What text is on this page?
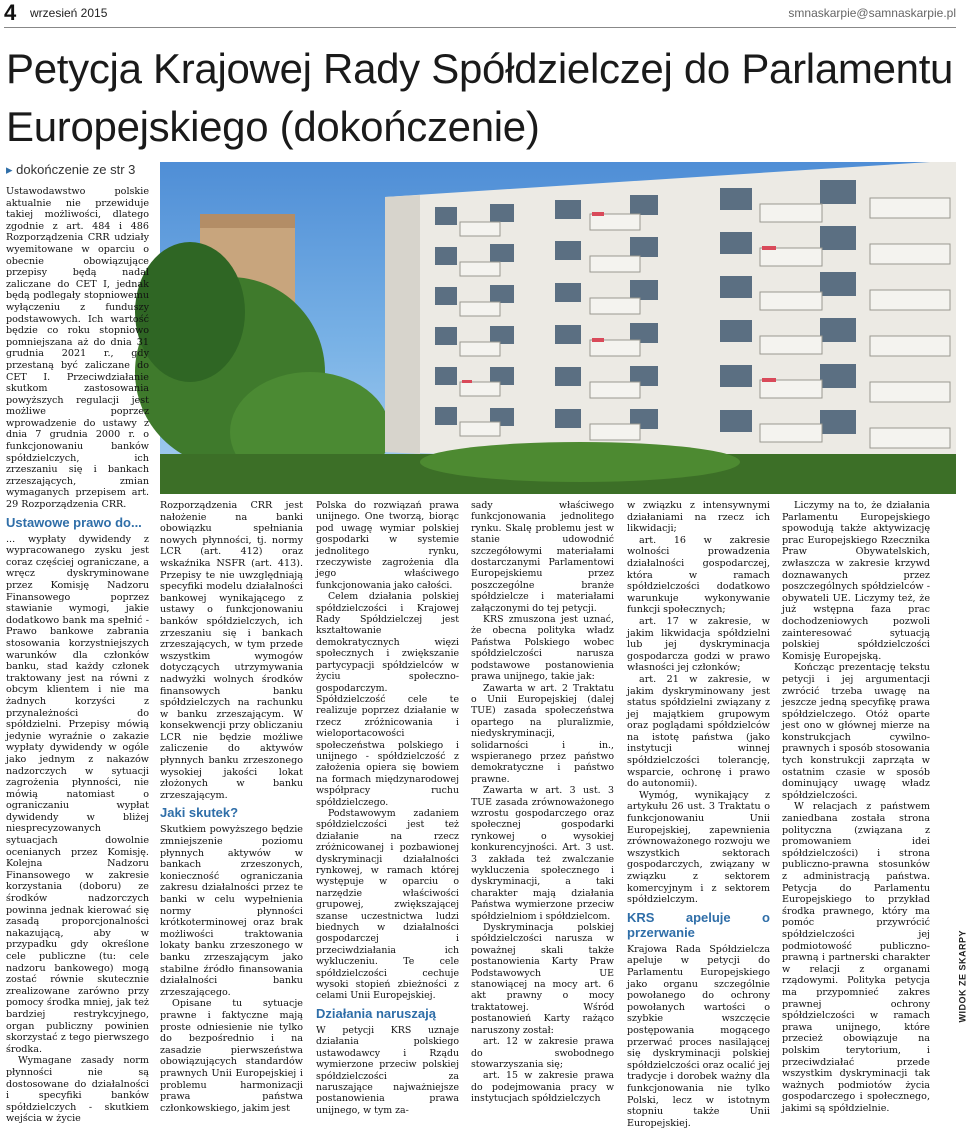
4 wrzesień 2015	smnaskarpie@samnaskarpie.pl
Petycja Krajowej Rady Spółdzielczej do Parlamentu Europejskiego (dokończenie)
▸ dokończenie ze str 3
Fot. SM „Na Skarpie”

Ustawodawstwo polskie aktualnie nie przewiduje takiej możliwości, dlatego zgodnie z art. 484 i 486 Rozporządzenia CRR udziały wyemitowane w oparciu o obecnie obowiązujące przepisy będą nadal zaliczane do CET I, jednak będą podlegały stopniowemu wyłączeniu z funduszy podstawowych. Ich wartość będzie co roku stopniowo pomniejszana aż do dnia 31 grudnia 2021 r., gdy przestaną być zaliczane do CET I. Przeciwdziałanie skutkom zastosowania powyższych regulacji jest możliwe poprzez wprowadzenie do ustawy z dnia 7 grudnia 2000 r. o funkcjonowaniu banków spółdzielczych, ich zrzeszaniu się i bankach zrzeszających, zmian wymaganych przepisem art. 29 Rozporządzenia CRR.

Ustawowe prawo do...

... wypłaty dywidendy z wypracowanego zysku jest coraz częściej ograniczane, a wręcz dyskryminowane przez Komisję Nadzoru Finansowego poprzez stawianie wymogi, jakie dodatkowo bank ma spełnić - Prawo bankowe zabrania stosowania korzystniejszych warunków dla członków banku, stad każdy członek traktowany jest na równi z obcym klientem i nie ma żadnych korzyści z przynależności do spółdzielni. Przepisy mówią jedynie wyraźnie o zakazie wypłaty dywidendy w ogóle jako jednym z nakazów nadzorczych w sytuacji zagrożenia płynności, nie mówią natomiast o ograniczaniu wypłat dywidendy w bliżej niesprecyzowanych sytuacjach dowolnie ocenianych przez Komisję. Kolejna Nadzoru Finansowego w zakresie korzystania (doboru) ze środków nadzorczych powinna jednak kierować się zasadą proporcjonalności nakazującą, aby w przypadku gdy określone cele publiczne (tu: cele nadzoru bankowego) mogą zostać równie skutecznie zrealizowane zarówno przy pomocy środka mniej, jak też bardziej restrykcyjnego, organ publiczny powinien skorzystać z tego pierwszego środka.

Wymagane zasady norm płynności nie są dostosowane do działalności i specyfiki banków spółdzielczych - skutkiem wejścia w życie

Rozporządzenia CRR jest nałożenie na banki obowiązku spełniania nowych płynności, tj. normy LCR (art. 412) oraz wskaźnika NSFR (art. 413). Przepisy te nie uwzględniają specyfiki modelu działalności bankowej wynikającego z ustawy o funkcjonowaniu banków spółdzielczych, ich zrzeszaniu się i bankach zrzeszających, w tym przede wszystkim wymogów dotyczących utrzymywania nadwyżki wolnych środków finansowych banku spółdzielczych na rachunku w banku zrzeszającym. W konsekwencji przy obliczaniu LCR nie będzie możliwe zaliczenie do aktywów płynnych banku zrzeszonego wysokiej jakości lokat złożonych w banku zrzeszającym.

Jaki skutek?

Skutkiem powyższego będzie zmniejszenie poziomu płynnych aktywów w bankach zrzeszonych, konieczność ograniczania zakresu działalności przez te banki w celu wypełnienia normy płynności krótkoterminowej oraz brak możliwości traktowania lokaty banku zrzeszonego w banku zrzeszającym jako stabilne źródło finansowania działalności banku zrzeszającego.

Opisane tu sytuacje prawne i faktyczne mają proste odniesienie nie tylko do bezpośrednio i na zasadzie pierwszeństwa obowiązujących standardów prawnych Unii Europejskiej i problemu harmonizacji prawa państwa członkowskiego, jakim jest

Polska do rozwiązań prawa unijnego. One tworzą, biorąc pod uwagę wymiar polskiej gospodarki w systemie jednolitego rynku, rzeczywiste zagrożenia dla jego właściwego funkcjonowania jako całości.

Celem działania polskiej spółdzielczości i Krajowej Rady Spółdzielczej jest kształtowanie demokratycznych więzi społecznych i zwiększanie partycypacji spółdzielców w życiu społeczno-gospodarczym. Spółdzielczość cele te realizuje poprzez działanie w rzecz zróżnicowania i wieloportacowości społeczeństwa polskiego i unijnego - spółdzielczość z założenia opiera się bowiem na formach międzynarodowej współpracy ruchu spółdzielczego.

Podstawowym zadaniem spółdzielczości jest też działanie na rzecz zróżnicowanej i pozbawionej dyskryminacji działalności rynkowej, w ramach której występuje w oparciu o narzędzie właściwości grupowej, zwiększającej szanse uczestnictwa ludzi biednych w działalności gospodarczej i przeciwdziałania ich wykluczeniu. Te cele spółdzielczości cechuje wysoki stopień zbieżności z celami Unii Europejskiej.

Działania naruszają

W petycji KRS uznaje działania polskiego ustawodawcy i Rządu wymierzone przeciw polskiej spółdzielczości za naruszające najważniejsze postanowienia prawa unijnego, w tym za-

sady właściwego funkcjonowania jednolitego rynku. Skalę problemu jest w stanie udowodnić szczegółowymi materiałami dostarczanymi Parlamentowi Europejskiemu przez poszczególne branże spółdzielcze i materiałami załączonymi do tej petycji.

KRS zmuszona jest uznać, że obecna polityka władz Państwa Polskiego wobec spółdzielczości narusza podstawowe postanowienia prawa unijnego, takie jak:

Zawarta w art. 2 Traktatu o Unii Europejskiej (dalej TUE) zasada społeczeństwa opartego na pluralizmie, niedyskryminacji, solidarności i in., wspieranego przez państwo demokratyczne i państwo prawne.

Zawarta w art. 3 ust. 3 TUE zasada zrównoważonego wzrostu gospodarczego oraz społecznej gospodarki rynkowej o wysokiej konkurencyjności. Art. 3 ust. 3 zakłada też zwalczanie wykluczenia społecznego i dyskryminacji, a taki charakter mają działania Państwa wymierzone przeciw spółdzielniom i spółdzielcom.

Dyskryminacja polskiej spółdzielczości narusza w poważnej skali także postanowienia Karty Praw Podstawowych UE stanowiącej na mocy art. 6 akt prawny o mocy traktatowej. Wśród postanowień Karty rażąco naruszony został:

art. 12 w zakresie prawa do swobodnego stowarzyszania się;

art. 15 w zakresie prawa do podejmowania pracy w instytucjach spółdzielczych

w związku z intensywnymi działaniami na rzecz ich likwidacji;

art. 16 w zakresie wolności prowadzenia działalności gospodarczej, która w ramach spółdzielczości dodatkowo warunkuje wykonywanie funkcji społecznych;

art. 17 w zakresie, w jakim likwidacja spółdzielni lub jej dyskryminacja gospodarcza godzi w prawo własności jej członków;

art. 21 w zakresie, w jakim dyskryminowany jest status spółdzielni związany z jej majątkiem grupowym oraz poglądami spółdzielców na istotę państwa (jako instytucji winnej spółdzielczości tolerancję, wsparcie, ochronę i prawo do autonomii).

Wymóg, wynikający z artykułu 26 ust. 3 Traktatu o funkcjonowaniu Unii Europejskiej, zapewnienia zrównoważonego rozwoju we wszystkich sektorach gospodarczych, związany w związku z sektorem komercyjnym i z sektorem spółdzielczym.

KRS apeluje o przerwanie

Krajowa Rada Spółdzielcza apeluje w petycji do Parlamentu Europejskiego jako organu szczególnie powołanego do ochrony powołanych wartości o szybkie wszczęcie postępowania mogącego przerwać proces nasilającej się dyskryminacji polskiej spółdzielczości oraz ocalić jej tradycje i dorobek ważny dla funkcjonowania nie tylko Polski, lecz w istotnym stopniu także Unii Europejskiej.

Liczymy na to, że działania Parlamentu Europejskiego spowodują także aktywizację prac Europejskiego Rzecznika Praw Obywatelskich, zwłaszcza w zakresie krzywd doznawanych przez poszczególnych spółdzielców - obywateli UE. Liczymy też, że już wstępna faza prac dochodzeniowych pozwoli zainteresować sytuacją polskiej spółdzielczości Komisję Europejską.

Kończąc prezentację tekstu petycji i jej argumentacji zwrócić trzeba uwagę na jeszcze jedną specyfikę prawa spółdzielczego. Otóż oparte jest ono w głównej mierze na konstrukcjach cywilno-prawnych i sposób stosowania tych konstrukcji zaprząta w ostatnim czasie w sposób dominujący uwagę władz spółdzielczości.

W relacjach z państwem zaniedbana została strona polityczna (związana z promowaniem idei spółdzielczości) i strona publiczno-prawna stosunków z administracją państwa. Petycja do Parlamentu Europejskiego to przykład środka prawnego, który ma pomóc przywrócić spółdzielczości jej podmiotowość publiczno-prawną i partnerski charakter w relacji z organami rządowymi. Polityka petycja ma przypomnieć zakres prawnej ochrony spółdzielczości w ramach prawa unijnego, które przecież obowiązuje na polskim terytorium, i przeciwdziałać przede wszystkim dyskryminacji tak ważnych podmiotów życia gospodarczego i społecznego, jakimi są spółdzielnie.

WIDOK ZE SKARPY
